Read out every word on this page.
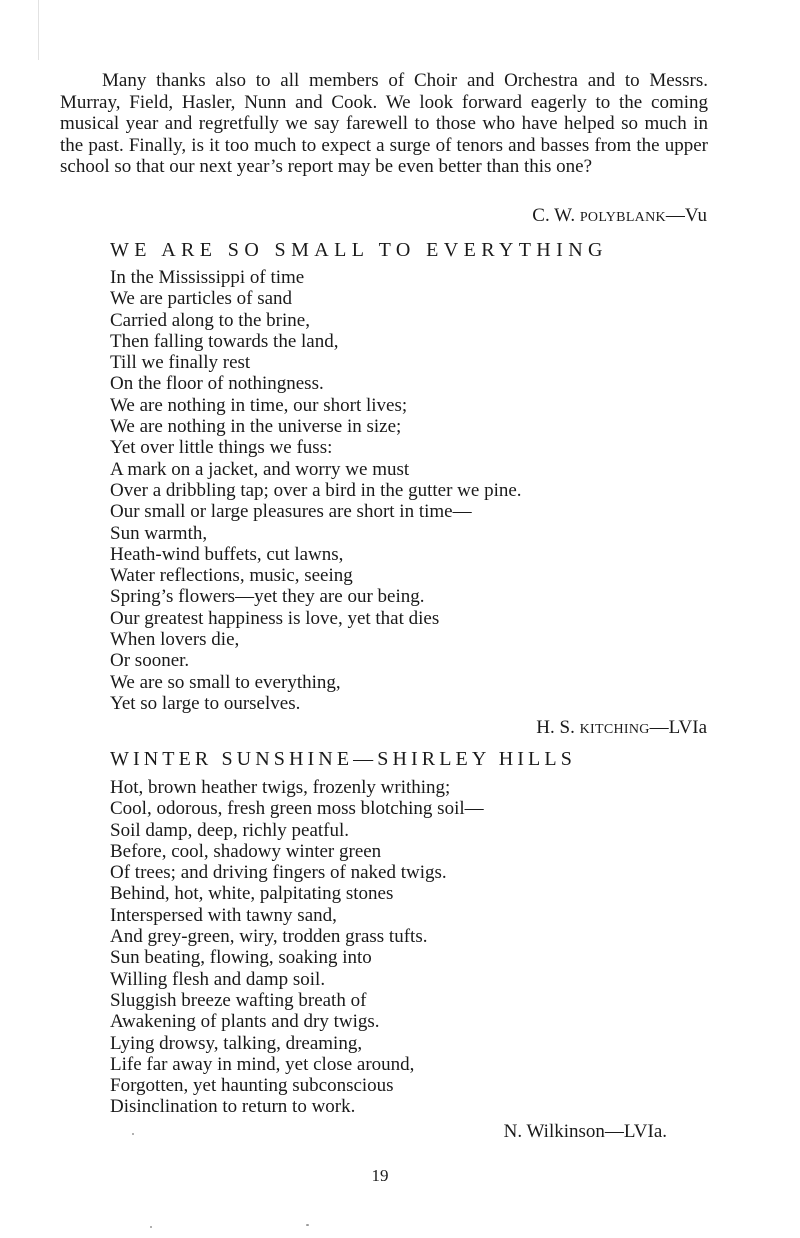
Many thanks also to all members of Choir and Orchestra and to Messrs. Murray, Field, Hasler, Nunn and Cook. We look forward eagerly to the coming musical year and regretfully we say farewell to those who have helped so much in the past. Finally, is it too much to expect a surge of tenors and basses from the upper school so that our next year’s report may be even better than this one?

C. W. POLYBLANK—Vu
WE ARE SO SMALL TO EVERYTHING
In the Mississippi of time
We are particles of sand
Carried along to the brine,
Then falling towards the land,
Till we finally rest
On the floor of nothingness.
We are nothing in time, our short lives;
We are nothing in the universe in size;
Yet over little things we fuss:
A mark on a jacket, and worry we must
Over a dribbling tap; over a bird in the gutter we pine.
Our small or large pleasures are short in time—
Sun warmth,
Heath-wind buffets, cut lawns,
Water reflections, music, seeing
Spring’s flowers—yet they are our being.
Our greatest happiness is love, yet that dies
When lovers die,
Or sooner.
We are so small to everything,
Yet so large to ourselves.
H. S. KITCHING—LVIa
WINTER SUNSHINE—SHIRLEY HILLS
Hot, brown heather twigs, frozenly writhing;
Cool, odorous, fresh green moss blotching soil—
Soil damp, deep, richly peatful.
Before, cool, shadowy winter green
Of trees; and driving fingers of naked twigs.
Behind, hot, white, palpitating stones
Interspersed with tawny sand,
And grey-green, wiry, trodden grass tufts.
Sun beating, flowing, soaking into
Willing flesh and damp soil.
Sluggish breeze wafting breath of
Awakening of plants and dry twigs.
Lying drowsy, talking, dreaming,
Life far away in mind, yet close around,
Forgotten, yet haunting subconscious
Disinclination to return to work.
N. Wilkinson—LVIa.
19
